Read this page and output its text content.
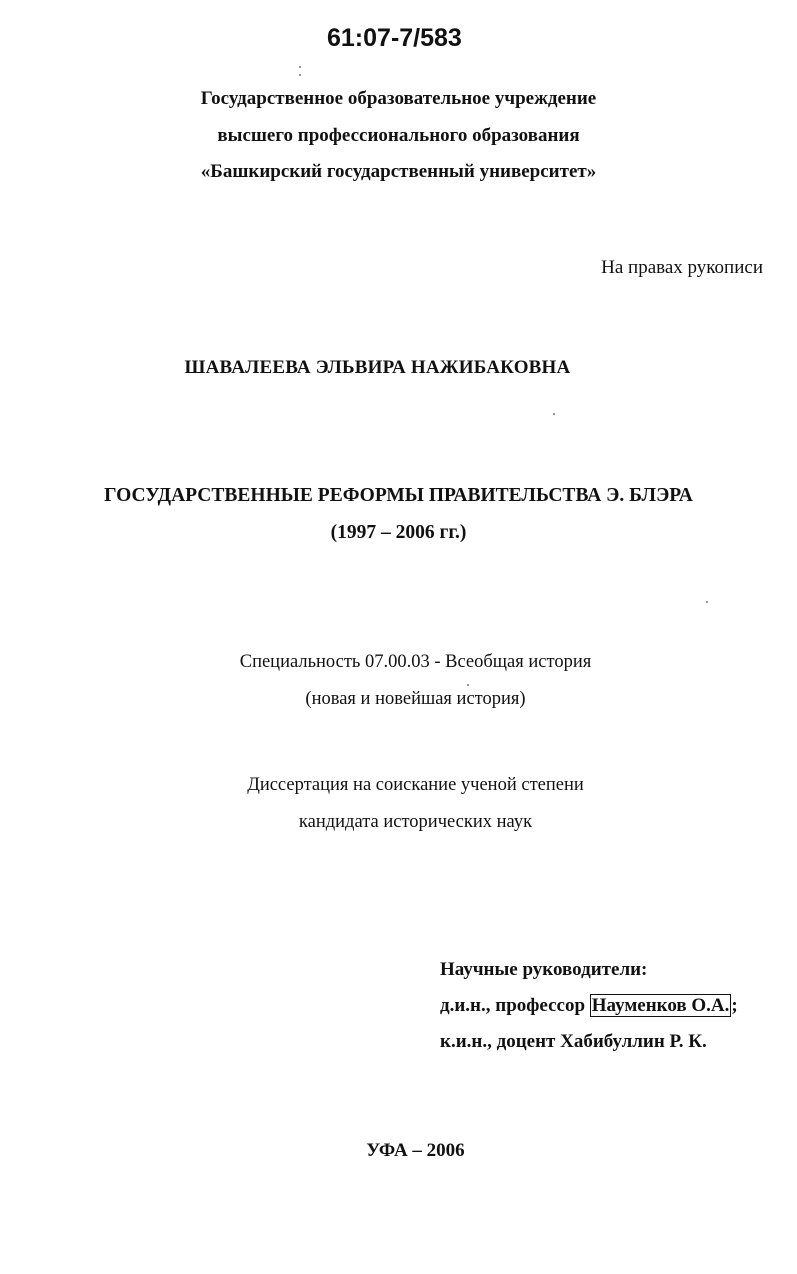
61:07-7/583
Государственное образовательное учреждение
высшего профессионального образования
«Башкирский государственный университет»
На правах рукописи
ШАВАЛЕЕВА ЭЛЬВИРА НАЖИБАКОВНА
ГОСУДАРСТВЕННЫЕ РЕФОРМЫ ПРАВИТЕЛЬСТВА Э. БЛЭРА
(1997 – 2006 гг.)
Специальность 07.00.03 - Всеобщая история
(новая и новейшая история)
Диссертация на соискание ученой степени
кандидата исторических наук
Научные руководители:
д.и.н., профессор Науменков О.А. ;
к.и.н., доцент Хабибуллин Р. К.
УФА – 2006
